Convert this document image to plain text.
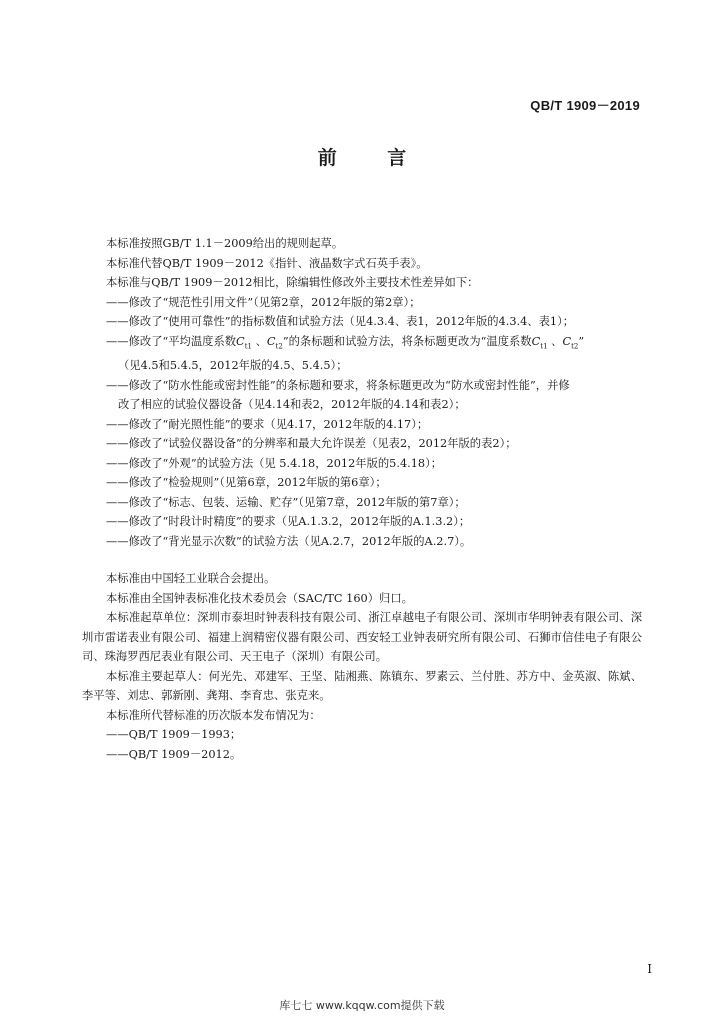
QB/T 1909－2019
前 言

本标准按照GB/T 1.1－2009给出的规则起草。

本标准代替QB/T 1909－2012《指针、液晶数字式石英手表》。

本标准与QB/T 1909－2012相比，除编辑性修改外主要技术性差异如下：

——修改了“规范性引用文件”（见第2章，2012年版的第2章）；

——修改了“使用可靠性”的指标数值和试验方法（见4.3.4、表1，2012年版的4.3.4、表1）；

——修改了“平均温度系数$C_{t1}$ 、$C_{t2}$”的条标题和试验方法，将条标题更改为“温度系数$C_{t1}$ 、$C_{t2}$”

（见4.5和5.4.5，2012年版的4.5、5.4.5）；

——修改了“防水性能或密封性能”的条标题和要求，将条标题更改为“防水或密封性能”，并修

改了相应的试验仪器设备（见4.14和表2，2012年版的4.14和表2）；

——修改了“耐光照性能”的要求（见4.17，2012年版的4.17）；

——修改了“试验仪器设备”的分辨率和最大允许误差（见表2，2012年版的表2）；

——修改了“外观”的试验方法（见 5.4.18，2012年版的5.4.18）；

——修改了“检验规则”（见第6章，2012年版的第6章）；

——修改了“标志、包装、运输、贮存”（见第7章，2012年版的第7章）；

——修改了“时段计时精度”的要求（见A.1.3.2，2012年版的A.1.3.2）；

——修改了“背光显示次数”的试验方法（见A.2.7，2012年版的A.2.7）。

本标准由中国轻工业联合会提出。

本标准由全国钟表标准化技术委员会（SAC/TC 160）归口。

本标准起草单位：深圳市泰坦时钟表科技有限公司、浙江卓越电子有限公司、深圳市华明钟表有限公司、深圳市雷诺表业有限公司、福建上润精密仪器有限公司、西安轻工业钟表研究所有限公司、石狮市信佳电子有限公司、珠海罗西尼表业有限公司、天王电子（深圳）有限公司。

本标准主要起草人：何光先、邓建军、王坚、陆湘燕、陈镇东、罗素云、兰付胜、苏方中、金英淑、陈斌、李平等、刘忠、郭新刚、龚翔、李育忠、张克来。

本标准所代替标准的历次版本发布情况为：

——QB/T 1909－1993；

——QB/T 1909－2012。

I
库七七 www.kqqw.com提供下载
